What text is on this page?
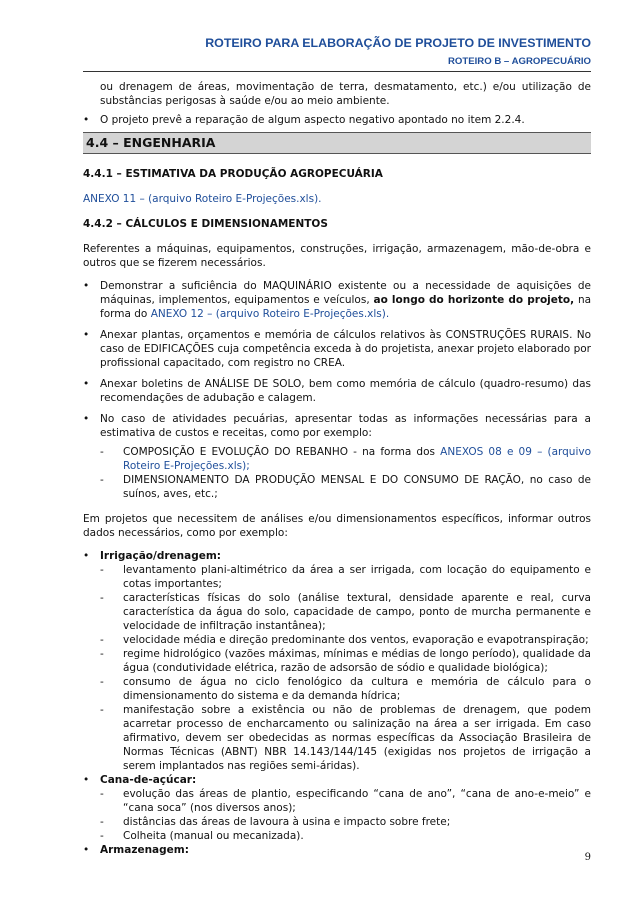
ROTEIRO PARA ELABORAÇÃO DE PROJETO DE INVESTIMENTO
ROTEIRO B – AGROPECUÁRIO

ou drenagem de áreas, movimentação de terra, desmatamento, etc.) e/ou utilização de substâncias perigosas à saúde e/ou ao meio ambiente.

• O projeto prevê a reparação de algum aspecto negativo apontado no item 2.2.4.
4.4 – ENGENHARIA

4.4.1 – ESTIMATIVA DA PRODUÇÃO AGROPECUÁRIA

ANEXO 11 – (arquivo Roteiro E-Projeções.xls).

4.4.2 – CÁLCULOS E DIMENSIONAMENTOS

Referentes a máquinas, equipamentos, construções, irrigação, armazenagem, mão-de-obra e outros que se fizerem necessários.

• Demonstrar a suficiência do MAQUINÁRIO existente ou a necessidade de aquisições de máquinas, implementos, equipamentos e veículos, ao longo do horizonte do projeto, na forma do ANEXO 12 – (arquivo Roteiro E-Projeções.xls).
• Anexar plantas, orçamentos e memória de cálculos relativos às CONSTRUÇÕES RURAIS. No caso de EDIFICAÇÕES cuja competência exceda à do projetista, anexar projeto elaborado por profissional capacitado, com registro no CREA.
• Anexar boletins de ANÁLISE DE SOLO, bem como memória de cálculo (quadro-resumo) das recomendações de adubação e calagem.
• No caso de atividades pecuárias, apresentar todas as informações necessárias para a estimativa de custos e receitas, como por exemplo:
- COMPOSIÇÃO E EVOLUÇÃO DO REBANHO - na forma dos ANEXOS 08 e 09 – (arquivo Roteiro E-Projeções.xls);
- DIMENSIONAMENTO DA PRODUÇÃO MENSAL E DO CONSUMO DE RAÇÃO, no caso de suínos, aves, etc.;

Em projetos que necessitem de análises e/ou dimensionamentos específicos, informar outros dados necessários, como por exemplo:

• Irrigação/drenagem:
- levantamento plani-altimétrico da área a ser irrigada, com locação do equipamento e cotas importantes;
- características físicas do solo (análise textural, densidade aparente e real, curva característica da água do solo, capacidade de campo, ponto de murcha permanente e velocidade de infiltração instantânea);
- velocidade média e direção predominante dos ventos, evaporação e evapotranspiração;
- regime hidrológico (vazões máximas, mínimas e médias de longo período), qualidade da água (condutividade elétrica, razão de adsorsão de sódio e qualidade biológica);
- consumo de água no ciclo fenológico da cultura e memória de cálculo para o dimensionamento do sistema e da demanda hídrica;
- manifestação sobre a existência ou não de problemas de drenagem, que podem acarretar processo de encharcamento ou salinização na área a ser irrigada. Em caso afirmativo, devem ser obedecidas as normas específicas da Associação Brasileira de Normas Técnicas (ABNT) NBR 14.143/144/145 (exigidas nos projetos de irrigação a serem implantados nas regiões semi-áridas).
• Cana-de-açúcar:
- evolução das áreas de plantio, especificando “cana de ano”, “cana de ano-e-meio” e “cana soca” (nos diversos anos);
- distâncias das áreas de lavoura à usina e impacto sobre frete;
- Colheita (manual ou mecanizada).
• Armazenagem:
9
